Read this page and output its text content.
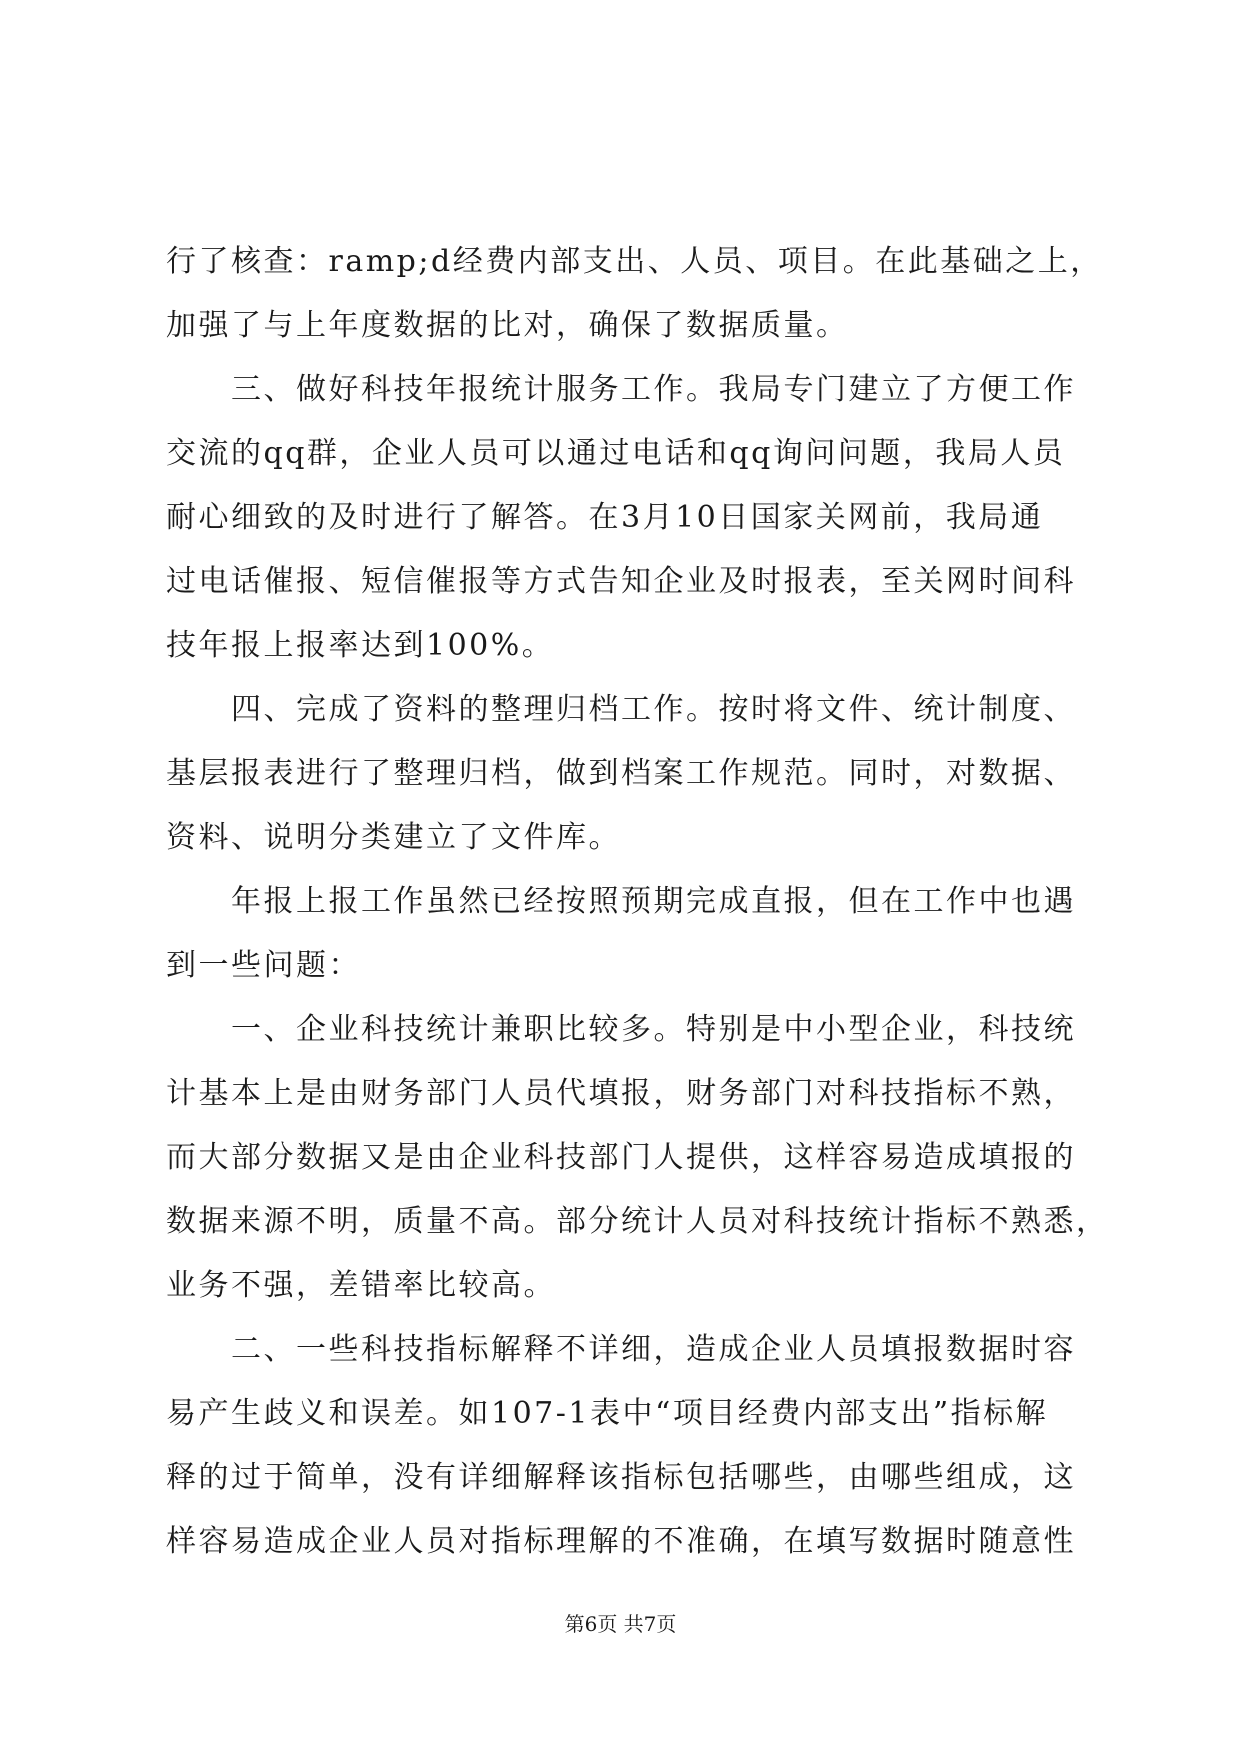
行了核查：ramp;d经费内部支出、人员、项目。在此基础之上，
加强了与上年度数据的比对，确保了数据质量。
　　三、做好科技年报统计服务工作。我局专门建立了方便工作
交流的qq群，企业人员可以通过电话和qq询问问题，我局人员
耐心细致的及时进行了解答。在3月10日国家关网前，我局通
过电话催报、短信催报等方式告知企业及时报表，至关网时间科
技年报上报率达到100%。
　　四、完成了资料的整理归档工作。按时将文件、统计制度、
基层报表进行了整理归档，做到档案工作规范。同时，对数据、
资料、说明分类建立了文件库。
　　年报上报工作虽然已经按照预期完成直报，但在工作中也遇
到一些问题：
　　一、企业科技统计兼职比较多。特别是中小型企业，科技统
计基本上是由财务部门人员代填报，财务部门对科技指标不熟，
而大部分数据又是由企业科技部门人提供，这样容易造成填报的
数据来源不明，质量不高。部分统计人员对科技统计指标不熟悉，
业务不强，差错率比较高。
　　二、一些科技指标解释不详细，造成企业人员填报数据时容
易产生歧义和误差。如107-1表中“项目经费内部支出”指标解
释的过于简单，没有详细解释该指标包括哪些，由哪些组成，这
样容易造成企业人员对指标理解的不准确，在填写数据时随意性
第6页 共7页
